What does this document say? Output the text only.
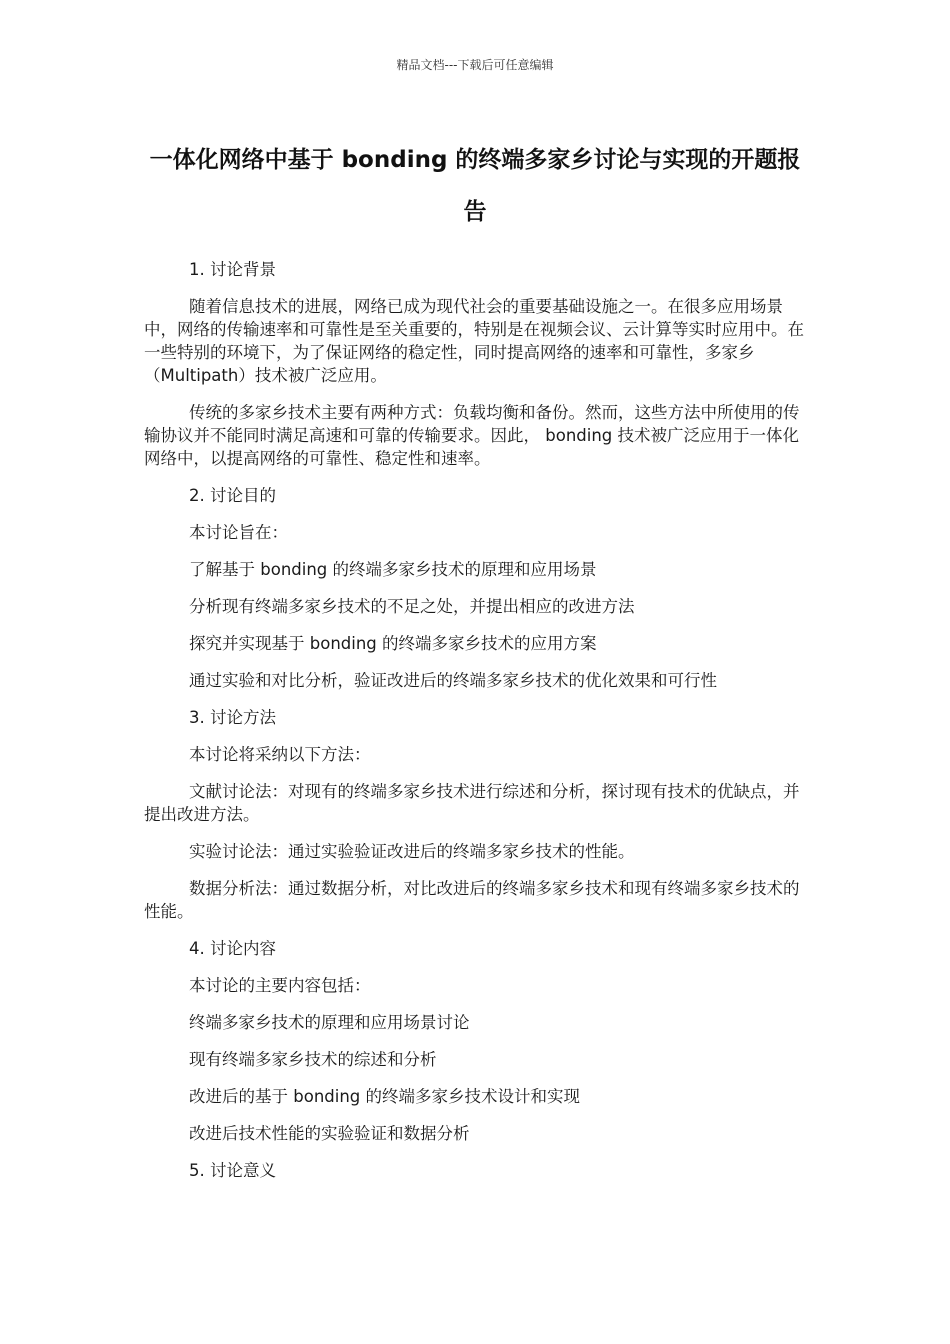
精品文档---下载后可任意编辑
一体化网络中基于 bonding 的终端多家乡讨论与实现的开题报告

1. 讨论背景

随着信息技术的进展，网络已成为现代社会的重要基础设施之一。在很多应用场景中，网络的传输速率和可靠性是至关重要的，特别是在视频会议、云计算等实时应用中。在一些特别的环境下，为了保证网络的稳定性，同时提高网络的速率和可靠性，多家乡（Multipath）技术被广泛应用。

传统的多家乡技术主要有两种方式：负载均衡和备份。然而，这些方法中所使用的传输协议并不能同时满足高速和可靠的传输要求。因此， bonding 技术被广泛应用于一体化网络中，以提高网络的可靠性、稳定性和速率。

2. 讨论目的

本讨论旨在：

了解基于 bonding 的终端多家乡技术的原理和应用场景

分析现有终端多家乡技术的不足之处，并提出相应的改进方法

探究并实现基于 bonding 的终端多家乡技术的应用方案

通过实验和对比分析，验证改进后的终端多家乡技术的优化效果和可行性

3. 讨论方法

本讨论将采纳以下方法：

文献讨论法：对现有的终端多家乡技术进行综述和分析，探讨现有技术的优缺点，并提出改进方法。

实验讨论法：通过实验验证改进后的终端多家乡技术的性能。

数据分析法：通过数据分析，对比改进后的终端多家乡技术和现有终端多家乡技术的性能。

4. 讨论内容

本讨论的主要内容包括：

终端多家乡技术的原理和应用场景讨论

现有终端多家乡技术的综述和分析

改进后的基于 bonding 的终端多家乡技术设计和实现

改进后技术性能的实验验证和数据分析

5. 讨论意义
